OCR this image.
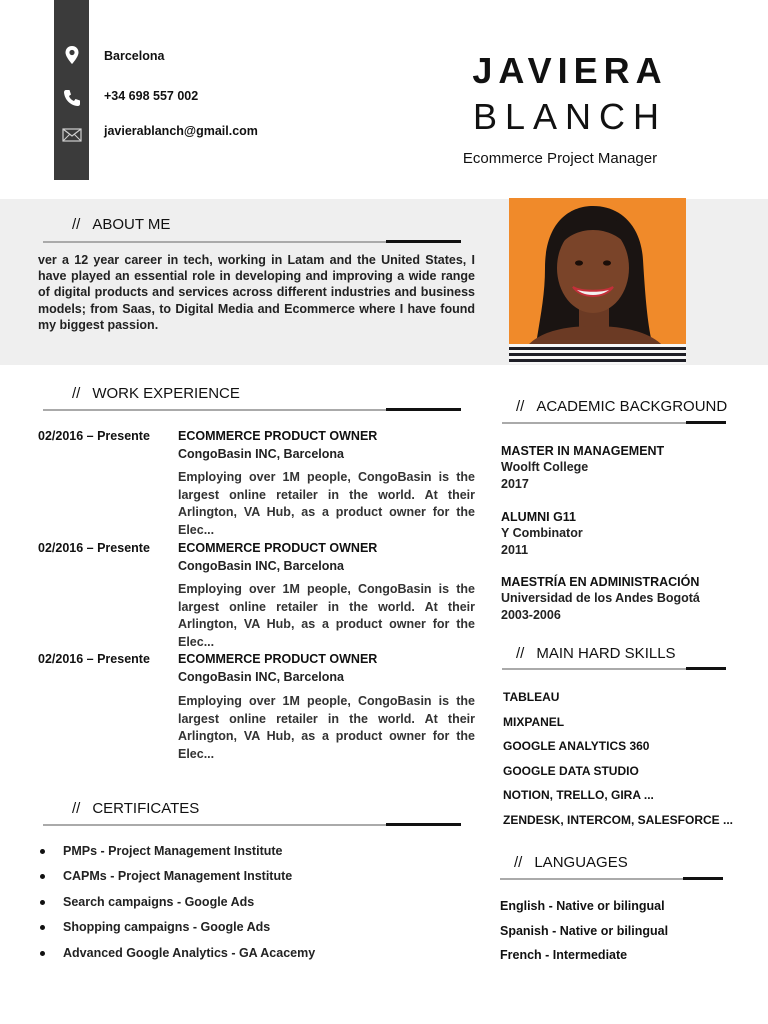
Barcelona
+34 698 557 002
javierablanch@gmail.com
JAVIERA
BLANCH
Ecommerce Project Manager
// ABOUT ME
ver a 12 year career in tech, working in Latam and the United States, I have played an essential role in developing and improving a wide range of digital products and services across different industries and business models; from Saas, to Digital Media and Ecommerce where I have found my biggest passion.
// WORK EXPERIENCE
02/2016 – Presente ECOMMERCE PRODUCT OWNER
CongoBasin INC, Barcelona
Employing over 1M people, CongoBasin is the largest online retailer in the world. At their Arlington, VA Hub, as a product owner for the Elec...
02/2016 – Presente ECOMMERCE PRODUCT OWNER
CongoBasin INC, Barcelona
Employing over 1M people, CongoBasin is the largest online retailer in the world. At their Arlington, VA Hub, as a product owner for the Elec...
02/2016 – Presente ECOMMERCE PRODUCT OWNER
CongoBasin INC, Barcelona
Employing over 1M people, CongoBasin is the largest online retailer in the world. At their Arlington, VA Hub, as a product owner for the Elec...
// CERTIFICATES
PMPs - Project Management Institute
CAPMs - Project Management Institute
Search campaigns - Google Ads
Shopping campaigns - Google Ads
Advanced Google Analytics - GA Acacemy
// ACADEMIC BACKGROUND
MASTER IN MANAGEMENT
Woolft College
2017
ALUMNI G11
Y Combinator
2011
MAESTRÍA EN ADMINISTRACIÓN
Universidad de los Andes Bogotá
2003-2006
// MAIN HARD SKILLS
TABLEAU
MIXPANEL
GOOGLE ANALYTICS 360
GOOGLE DATA STUDIO
NOTION, TRELLO, GIRA ...
ZENDESK, INTERCOM, SALESFORCE ...
// LANGUAGES
English - Native or bilingual
Spanish - Native or bilingual
French - Intermediate
